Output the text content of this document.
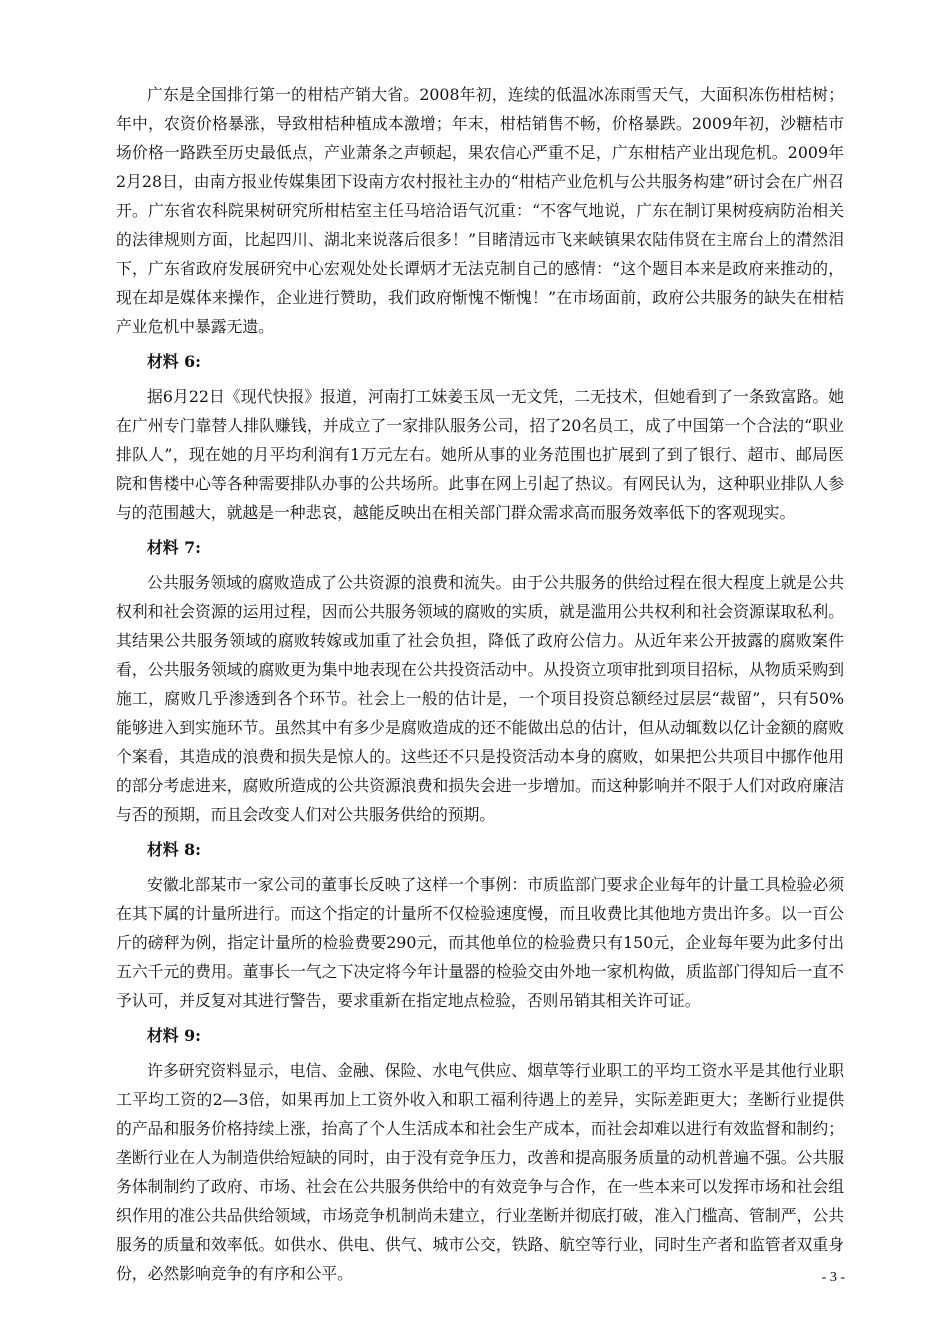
广东是全国排行第一的柑桔产销大省。2008年初，连续的低温冰冻雨雪天气，大面积冻伤柑桔树；年中，农资价格暴涨，导致柑桔种植成本激增；年末，柑桔销售不畅，价格暴跌。2009年初，沙糖桔市场价格一路跌至历史最低点，产业萧条之声顿起，果农信心严重不足，广东柑桔产业出现危机。2009年2月28日，由南方报业传媒集团下设南方农村报社主办的“柑桔产业危机与公共服务构建”研讨会在广州召开。广东省农科院果树研究所柑桔室主任马培洽语气沉重：“不客气地说，广东在制订果树疫病防治相关的法律规则方面，比起四川、湖北来说落后很多！”目睹清远市飞来峡镇果农陆伟贤在主席台上的潸然泪下，广东省政府发展研究中心宏观处处长谭炳才无法克制自己的感情：“这个题目本来是政府来推动的，现在却是媒体来操作，企业进行赞助，我们政府惭愧不惭愧！”在市场面前，政府公共服务的缺失在柑桔产业危机中暴露无遗。

材料 6:

据6月22日《现代快报》报道，河南打工妹姜玉凤一无文凭，二无技术，但她看到了一条致富路。她在广州专门靠替人排队赚钱，并成立了一家排队服务公司，招了20名员工，成了中国第一个合法的“职业排队人”，现在她的月平均利润有1万元左右。她所从事的业务范围也扩展到了到了银行、超市、邮局医院和售楼中心等各种需要排队办事的公共场所。此事在网上引起了热议。有网民认为，这种职业排队人参与的范围越大，就越是一种悲哀，越能反映出在相关部门群众需求高而服务效率低下的客观现实。

材料 7:

公共服务领域的腐败造成了公共资源的浪费和流失。由于公共服务的供给过程在很大程度上就是公共权利和社会资源的运用过程，因而公共服务领域的腐败的实质，就是滥用公共权利和社会资源谋取私利。其结果公共服务领域的腐败转嫁或加重了社会负担，降低了政府公信力。从近年来公开披露的腐败案件看，公共服务领域的腐败更为集中地表现在公共投资活动中。从投资立项审批到项目招标，从物质采购到施工，腐败几乎渗透到各个环节。社会上一般的估计是，一个项目投资总额经过层层“裁留”，只有50%能够进入到实施环节。虽然其中有多少是腐败造成的还不能做出总的估计，但从动辄数以亿计金额的腐败个案看，其造成的浪费和损失是惊人的。这些还不只是投资活动本身的腐败，如果把公共项目中挪作他用的部分考虑进来，腐败所造成的公共资源浪费和损失会进一步增加。而这种影响并不限于人们对政府廉洁与否的预期，而且会改变人们对公共服务供给的预期。

材料 8:

安徽北部某市一家公司的董事长反映了这样一个事例：市质监部门要求企业每年的计量工具检验必须在其下属的计量所进行。而这个指定的计量所不仅检验速度慢，而且收费比其他地方贵出许多。以一百公斤的磅秤为例，指定计量所的检验费要290元，而其他单位的检验费只有150元，企业每年要为此多付出五六千元的费用。董事长一气之下决定将今年计量器的检验交由外地一家机构做，质监部门得知后一直不予认可，并反复对其进行警告，要求重新在指定地点检验，否则吊销其相关许可证。

材料 9:

许多研究资料显示，电信、金融、保险、水电气供应、烟草等行业职工的平均工资水平是其他行业职工平均工资的2—3倍，如果再加上工资外收入和职工福利待遇上的差异，实际差距更大；垄断行业提供的产品和服务价格持续上涨，抬高了个人生活成本和社会生产成本，而社会却难以进行有效监督和制约；垄断行业在人为制造供给短缺的同时，由于没有竞争压力，改善和提高服务质量的动机普遍不强。公共服务体制制约了政府、市场、社会在公共服务供给中的有效竞争与合作，在一些本来可以发挥市场和社会组织作用的准公共品供给领域，市场竞争机制尚未建立，行业垄断并彻底打破，准入门槛高、管制严，公共服务的质量和效率低。如供水、供电、供气、城市公交，铁路、航空等行业，同时生产者和监管者双重身份，必然影响竞争的有序和公平。	- 3 -
